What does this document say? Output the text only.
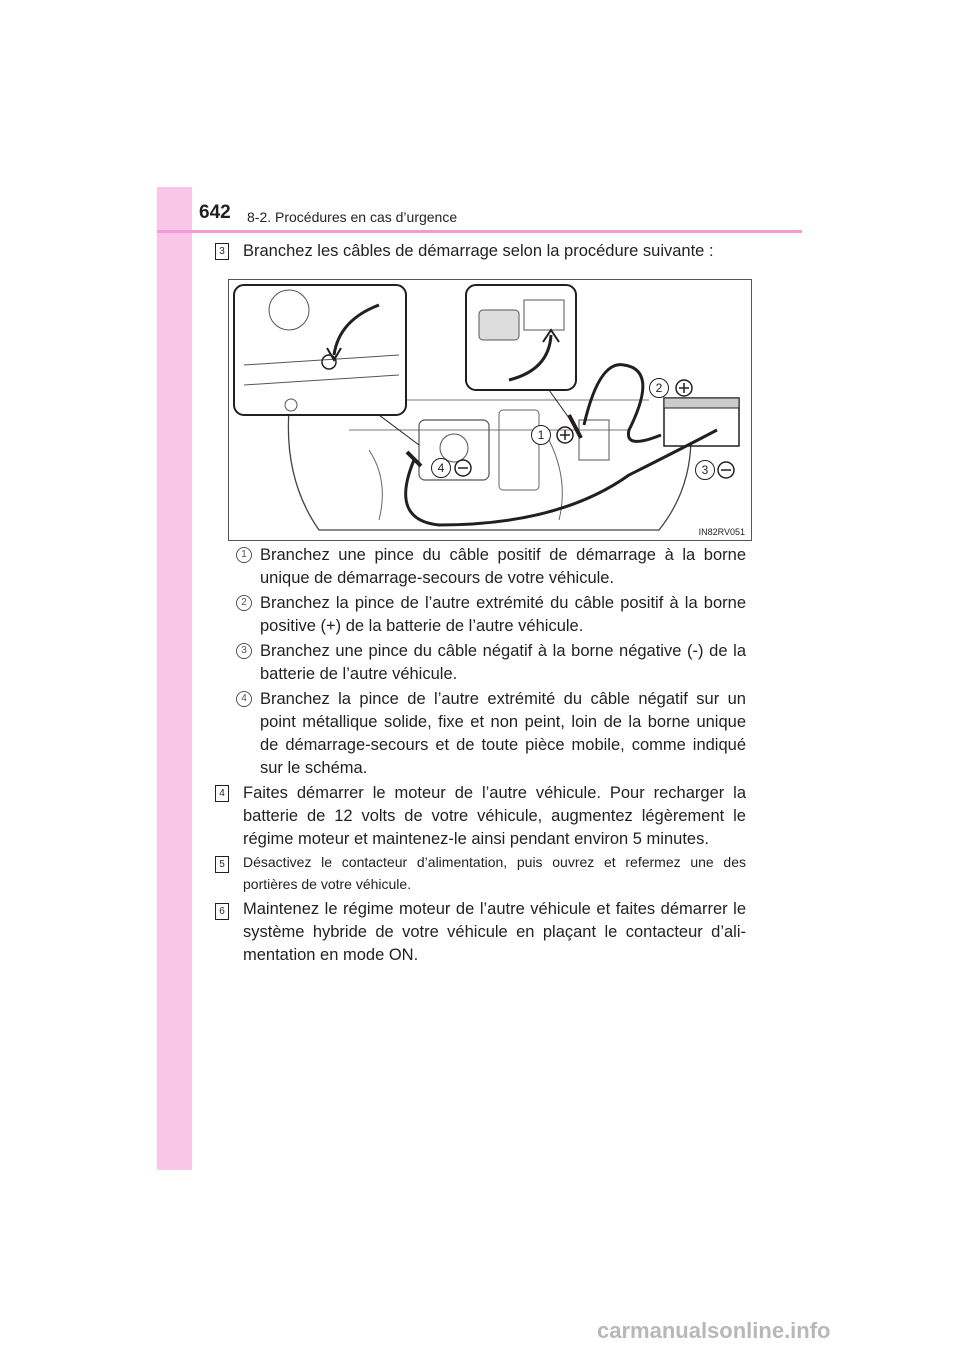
642 8-2. Procédures en cas d’urgence
3 Branchez les câbles de démarrage selon la procédure suivante :
1
2
3
4
IN82RV051
1 Branchez une pince du câble positif de démarrage à la borne unique de démarrage-secours de votre véhicule.
2 Branchez la pince de l’autre extrémité du câble positif à la borne positive (+) de la batterie de l’autre véhicule.
3 Branchez une pince du câble négatif à la borne négative (-) de la batterie de l’autre véhicule.
4 Branchez la pince de l’autre extrémité du câble négatif sur un point métallique solide, fixe et non peint, loin de la borne unique de démarrage-secours et de toute pièce mobile, comme indiqué sur le schéma.
4 Faites démarrer le moteur de l’autre véhicule. Pour recharger la batterie de 12 volts de votre véhicule, augmentez légèrement le régime moteur et maintenez-le ainsi pendant environ 5 minutes.
5	Désactivez le contacteur d’alimentation, puis ouvrez et refermez une des portières de votre véhicule.
6 Maintenez le régime moteur de l’autre véhicule et faites démarrer le système hybride de votre véhicule en plaçant le contacteur d’ali-mentation en mode ON.
carmanualsonline.info
